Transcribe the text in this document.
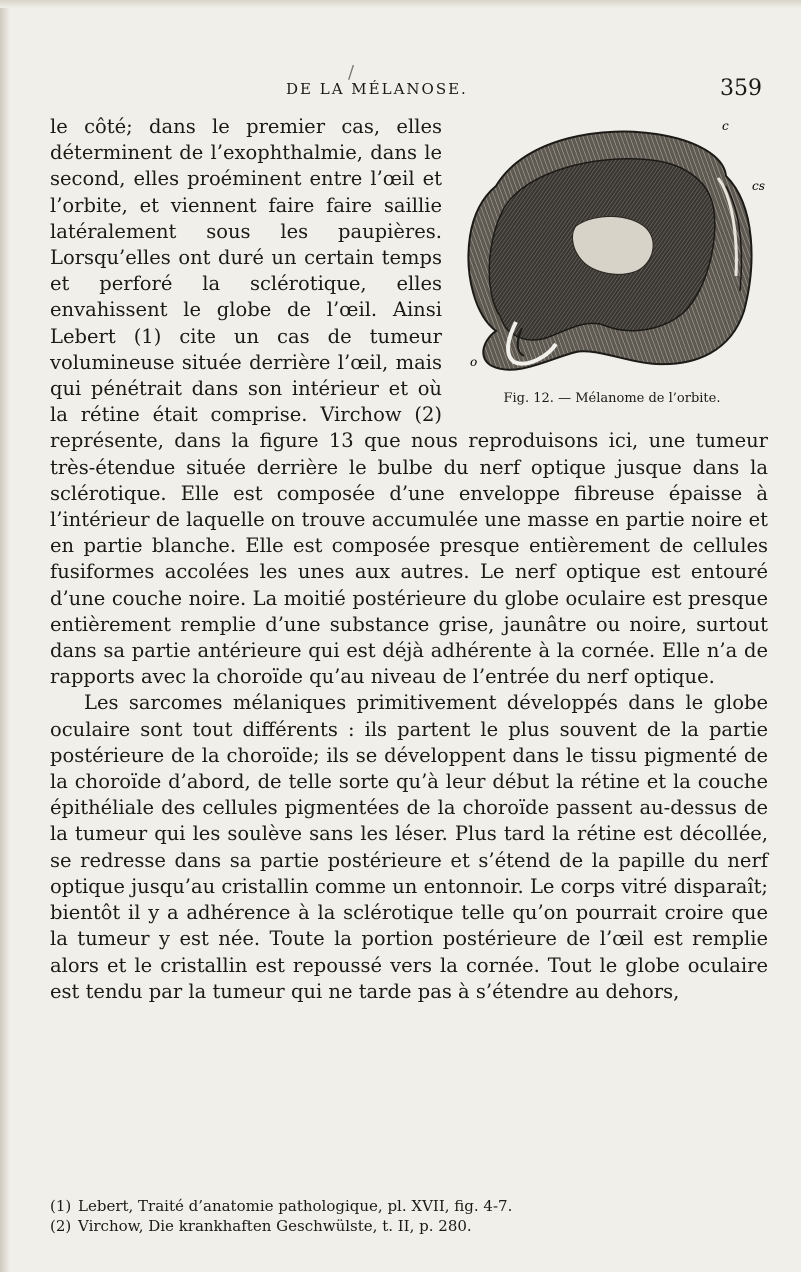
/
DE LA MÉLANOSE.	359
c
cs
o
Fig. 12. — Mélanome de l’orbite.

le côté; dans le premier cas, elles déterminent de l’exophthalmie, dans le second, elles proéminent entre l’œil et l’orbite, et viennent faire faire saillie latéralement sous les paupières. Lorsqu’elles ont duré un certain temps et perforé la sclérotique, elles envahissent le globe de l’œil. Ainsi Lebert (1) cite un cas de tumeur volumineuse située derrière l’œil, mais qui pénétrait dans son intérieur et où la rétine était comprise. Virchow (2) représente, dans la figure 13 que nous reproduisons ici, une tumeur très-étendue située derrière le bulbe du nerf optique jusque dans la sclérotique. Elle est composée d’une enveloppe fibreuse épaisse à l’intérieur de laquelle on trouve accumulée une masse en partie noire et en partie blanche. Elle est composée presque entièrement de cellules fusiformes accolées les unes aux autres. Le nerf optique est entouré d’une couche noire. La moitié postérieure du globe oculaire est presque entièrement remplie d’une substance grise, jaunâtre ou noire, surtout dans sa partie antérieure qui est déjà adhérente à la cornée. Elle n’a de rapports avec la choroïde qu’au niveau de l’entrée du nerf optique.

Les sarcomes mélaniques primitivement développés dans le globe oculaire sont tout différents : ils partent le plus souvent de la partie postérieure de la choroïde; ils se développent dans le tissu pigmenté de la choroïde d’abord, de telle sorte qu’à leur début la rétine et la couche épithéliale des cellules pigmentées de la choroïde passent au-dessus de la tumeur qui les soulève sans les léser. Plus tard la rétine est décollée, se redresse dans sa partie postérieure et s’étend de la papille du nerf optique jusqu’au cristallin comme un entonnoir. Le corps vitré disparaît; bientôt il y a adhérence à la sclérotique telle qu’on pourrait croire que la tumeur y est née. Toute la portion postérieure de l’œil est remplie alors et le cristallin est repoussé vers la cornée. Tout le globe oculaire est tendu par la tumeur qui ne tarde pas à s’étendre au dehors,

(1) Lebert, Traité d’anatomie pathologique, pl. XVII, fig. 4-7.
(2) Virchow, Die krankhaften Geschwülste, t. II, p. 280.
